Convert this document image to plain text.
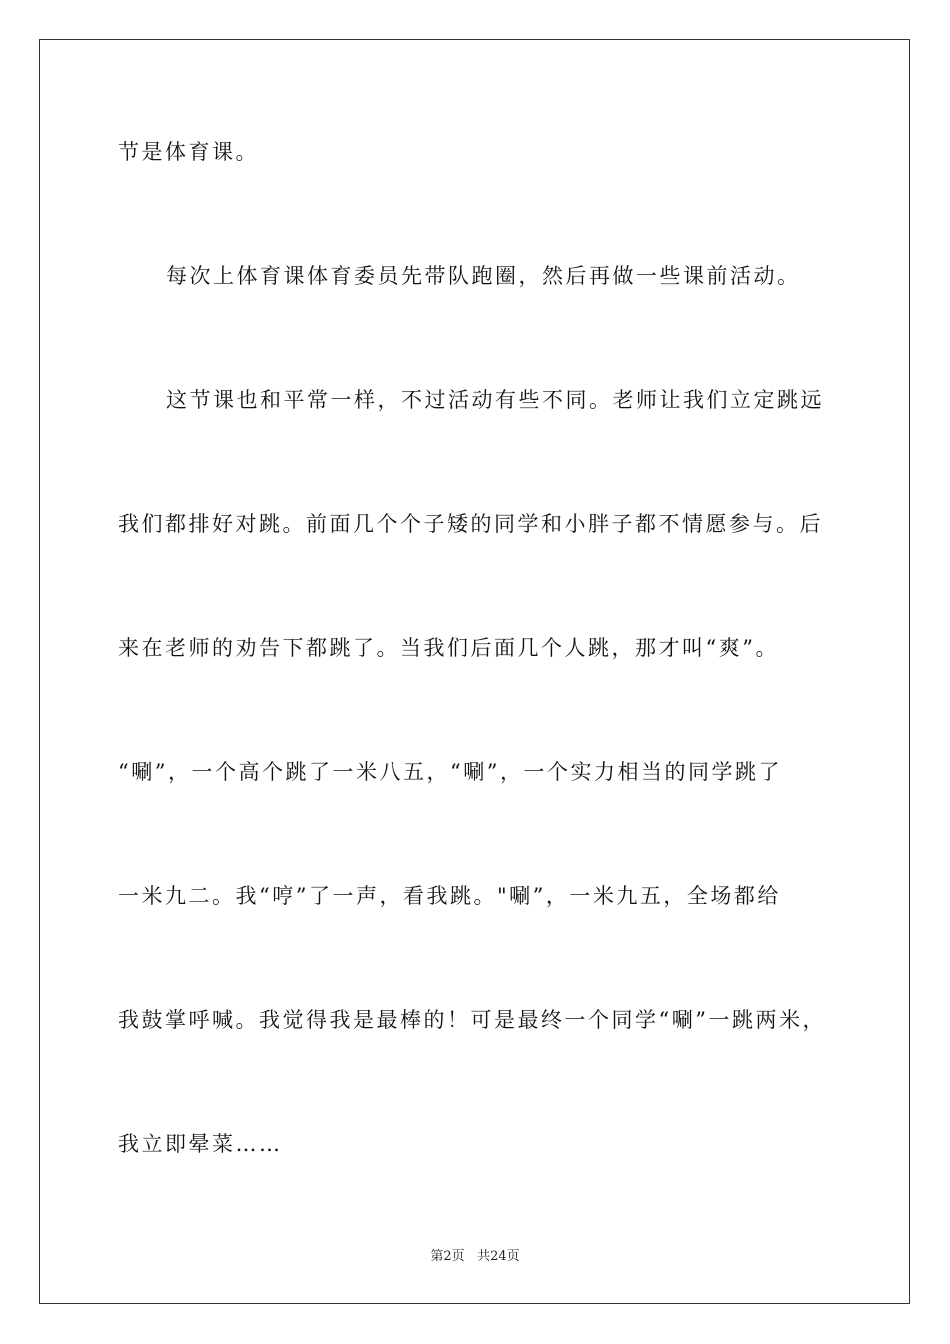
节是体育课。
每次上体育课体育委员先带队跑圈，然后再做一些课前活动。
这节课也和平常一样，不过活动有些不同。老师让我们立定跳远
我们都排好对跳。前面几个个子矮的同学和小胖子都不情愿参与。后
来在老师的劝告下都跳了。当我们后面几个人跳，那才叫“爽”。
“唰”，一个高个跳了一米八五，“唰”，一个实力相当的同学跳了
一米九二。我“哼”了一声，看我跳。"唰”，一米九五，全场都给
我鼓掌呼喊。我觉得我是最棒的！可是最终一个同学“唰”一跳两米，
我立即晕菜……
第2页 共24页
